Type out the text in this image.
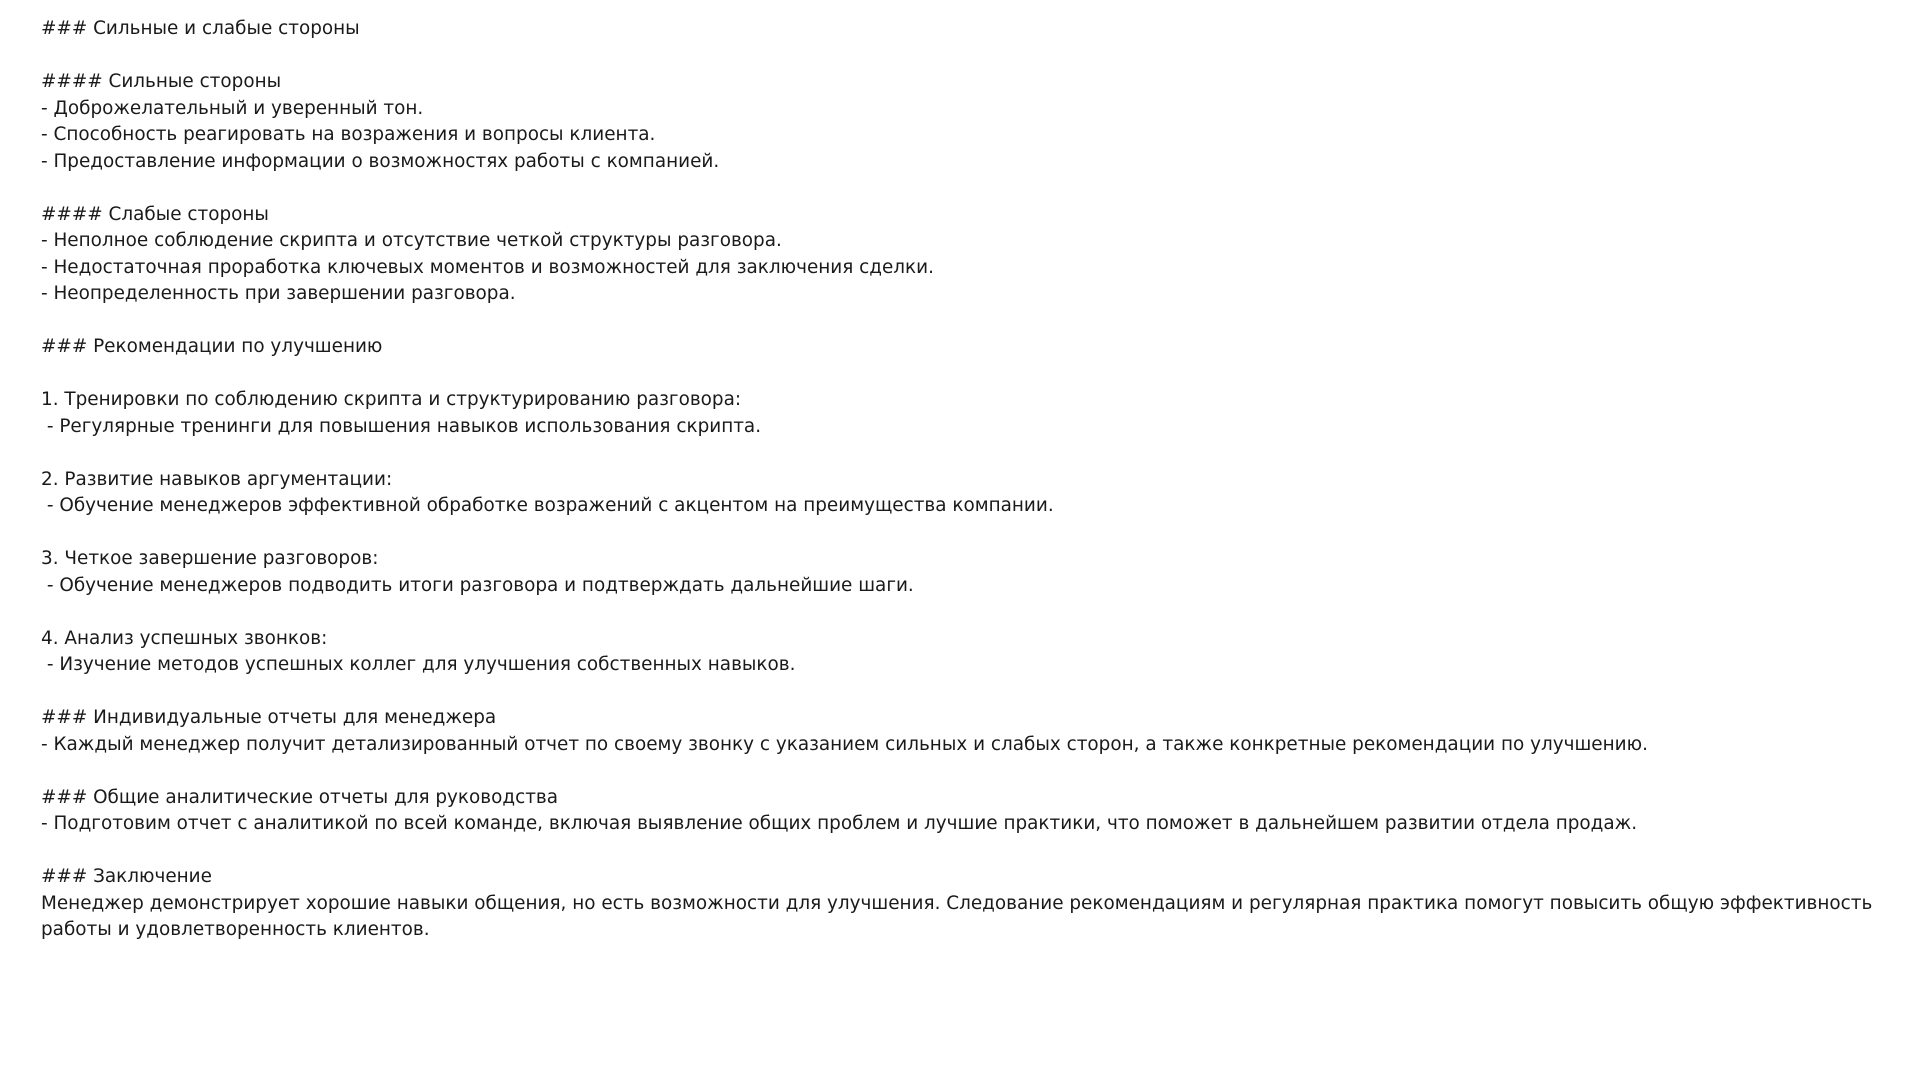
### Сильные и слабые стороны
#### Сильные стороны
- Доброжелательный и уверенный тон.
- Способность реагировать на возражения и вопросы клиента.
- Предоставление информации о возможностях работы с компанией.
#### Слабые стороны
- Неполное соблюдение скрипта и отсутствие четкой структуры разговора.
- Недостаточная проработка ключевых моментов и возможностей для заключения сделки.
- Неопределенность при завершении разговора.
### Рекомендации по улучшению
1. Тренировки по соблюдению скрипта и структурированию разговора:
- Регулярные тренинги для повышения навыков использования скрипта.
2. Развитие навыков аргументации:
- Обучение менеджеров эффективной обработке возражений с акцентом на преимущества компании.
3. Четкое завершение разговоров:
- Обучение менеджеров подводить итоги разговора и подтверждать дальнейшие шаги.
4. Анализ успешных звонков:
- Изучение методов успешных коллег для улучшения собственных навыков.
### Индивидуальные отчеты для менеджера
- Каждый менеджер получит детализированный отчет по своему звонку с указанием сильных и слабых сторон, а также конкретные рекомендации по улучшению.
### Общие аналитические отчеты для руководства
- Подготовим отчет с аналитикой по всей команде, включая выявление общих проблем и лучшие практики, что поможет в дальнейшем развитии отдела продаж.
### Заключение
Менеджер демонстрирует хорошие навыки общения, но есть возможности для улучшения. Следование рекомендациям и регулярная практика помогут повысить общую эффективность работы и удовлетворенность клиентов.
